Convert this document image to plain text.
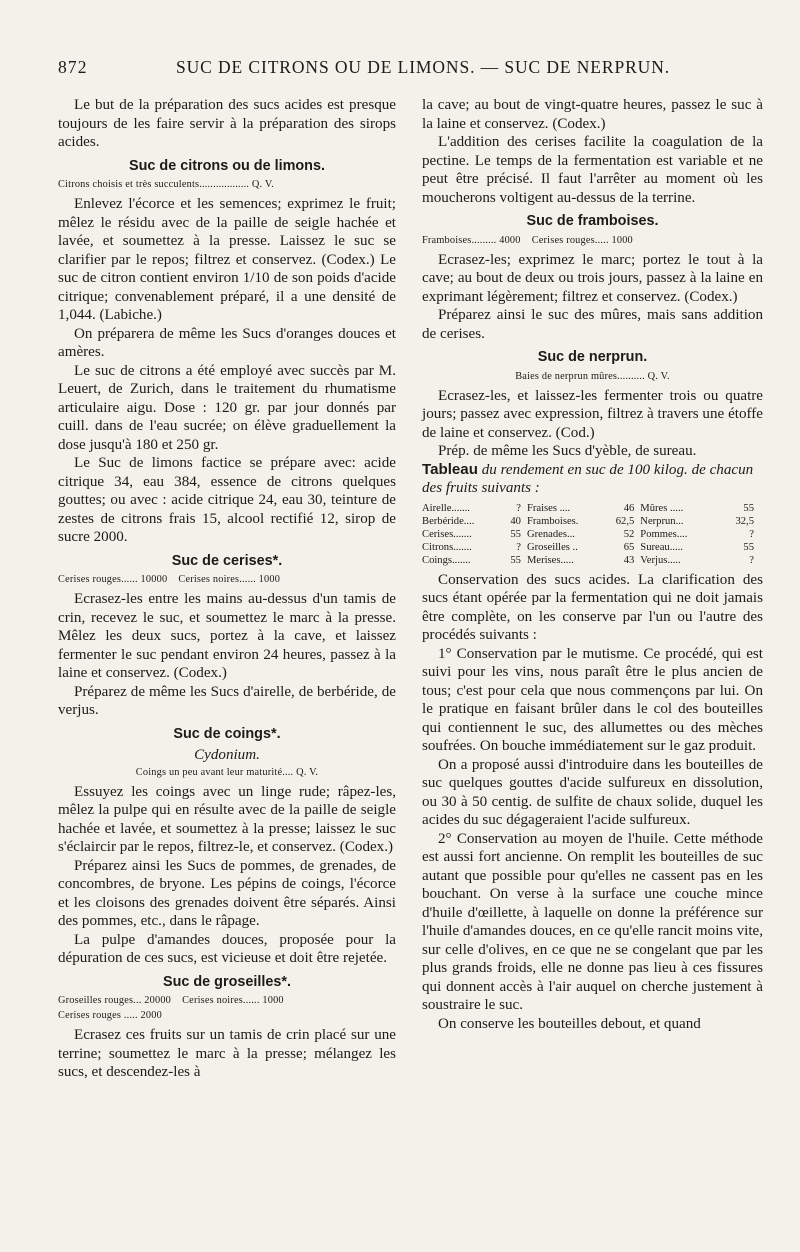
872	SUC DE CITRONS OU DE LIMONS. — SUC DE NERPRUN.

Le but de la préparation des sucs acides est presque toujours de les faire servir à la préparation des sirops acides.

Suc de citrons ou de limons.

Citrons choisis et très succulents.................. Q. V.

Enlevez l'écorce et les semences; exprimez le fruit; mêlez le résidu avec de la paille de seigle hachée et lavée, et soumettez à la presse. Laissez le suc se clarifier par le repos; filtrez et conservez. (Codex.) Le suc de citron contient environ 1/10 de son poids d'acide citrique; convenablement préparé, il a une densité de 1,044. (Labiche.)

On préparera de même les Sucs d'oranges douces et amères.

Le suc de citrons a été employé avec succès par M. Leuert, de Zurich, dans le traitement du rhumatisme articulaire aigu. Dose : 120 gr. par jour donnés par cuill. dans de l'eau sucrée; on élève graduellement la dose jusqu'à 180 et 250 gr.

Le Suc de limons factice se prépare avec: acide citrique 34, eau 384, essence de citrons quelques gouttes; ou avec : acide citrique 24, eau 30, teinture de zestes de citrons frais 15, alcool rectifié 12, sirop de sucre 2000.

Suc de cerises*.

Cerises rouges...... 10000    Cerises noires...... 1000

Ecrasez-les entre les mains au-dessus d'un tamis de crin, recevez le suc, et soumettez le marc à la presse. Mêlez les deux sucs, portez à la cave, et laissez fermenter le suc pendant environ 24 heures, passez à la laine et conservez. (Codex.)

Préparez de même les Sucs d'airelle, de berbéride, de verjus.

Suc de coings*.

Cydonium.

Coings un peu avant leur maturité.... Q. V.

Essuyez les coings avec un linge rude; râpez-les, mêlez la pulpe qui en résulte avec de la paille de seigle hachée et lavée, et soumettez à la presse; laissez le suc s'éclaircir par le repos, filtrez-le, et conservez. (Codex.)

Préparez ainsi les Sucs de pommes, de grenades, de concombres, de bryone. Les pépins de coings, l'écorce et les cloisons des grenades doivent être séparés. Ainsi des pommes, etc., dans le râpage.

La pulpe d'amandes douces, proposée pour la dépuration de ces sucs, est vicieuse et doit être rejetée.

Suc de groseilles*.

Groseilles rouges... 20000    Cerises noires...... 1000

Cerises rouges ..... 2000

Ecrasez ces fruits sur un tamis de crin placé sur une terrine; soumettez le marc à la presse; mélangez les sucs, et descendez-les à

la cave; au bout de vingt-quatre heures, passez le suc à la laine et conservez. (Codex.)

L'addition des cerises facilite la coagulation de la pectine. Le temps de la fermentation est variable et ne peut être précisé. Il faut l'arrêter au moment où les moucherons voltigent au-dessus de la terrine.

Suc de framboises.

Framboises......... 4000    Cerises rouges..... 1000

Ecrasez-les; exprimez le marc; portez le tout à la cave; au bout de deux ou trois jours, passez à la laine en exprimant légèrement; filtrez et conservez. (Codex.)

Préparez ainsi le suc des mûres, mais sans addition de cerises.

Suc de nerprun.

Baies de nerprun mûres.......... Q. V.

Ecrasez-les, et laissez-les fermenter trois ou quatre jours; passez avec expression, filtrez à travers une étoffe de laine et conservez. (Cod.)

Prép. de même les Sucs d'yèble, de sureau.

Tableau du rendement en suc de 100 kilog. de chacun des fruits suivants :

Airelle.......	?	Fraises ....	46	Mûres .....	55
Berbéride....	40	Framboises.	62,5	Nerprun...	32,5
Cerises.......	55	Grenades...	52	Pommes....	?
Citrons.......	?	Groseilles ..	65	Sureau.....	55
Coings.......	55	Merises.....	43	Verjus.....	?

Conservation des sucs acides. La clarification des sucs étant opérée par la fermentation qui ne doit jamais être complète, on les conserve par l'un ou l'autre des procédés suivants :

1° Conservation par le mutisme. Ce procédé, qui est suivi pour les vins, nous paraît être le plus ancien de tous; c'est pour cela que nous commençons par lui. On le pratique en faisant brûler dans le col des bouteilles qui contiennent le suc, des allumettes ou des mèches soufrées. On bouche immédiatement sur le gaz produit.

On a proposé aussi d'introduire dans les bouteilles de suc quelques gouttes d'acide sulfureux en dissolution, ou 30 à 50 centig. de sulfite de chaux solide, duquel les acides du suc dégageraient l'acide sulfureux.

2° Conservation au moyen de l'huile. Cette méthode est aussi fort ancienne. On remplit les bouteilles de suc autant que possible pour qu'elles ne cassent pas en les bouchant. On verse à la surface une couche mince d'huile d'œillette, à laquelle on donne la préférence sur l'huile d'amandes douces, en ce qu'elle rancit moins vite, sur celle d'olives, en ce que ne se congelant que par les plus grands froids, elle ne donne pas lieu à ces fissures qui donnent accès à l'air auquel on cherche justement à soustraire le suc.

On conserve les bouteilles debout, et quand
